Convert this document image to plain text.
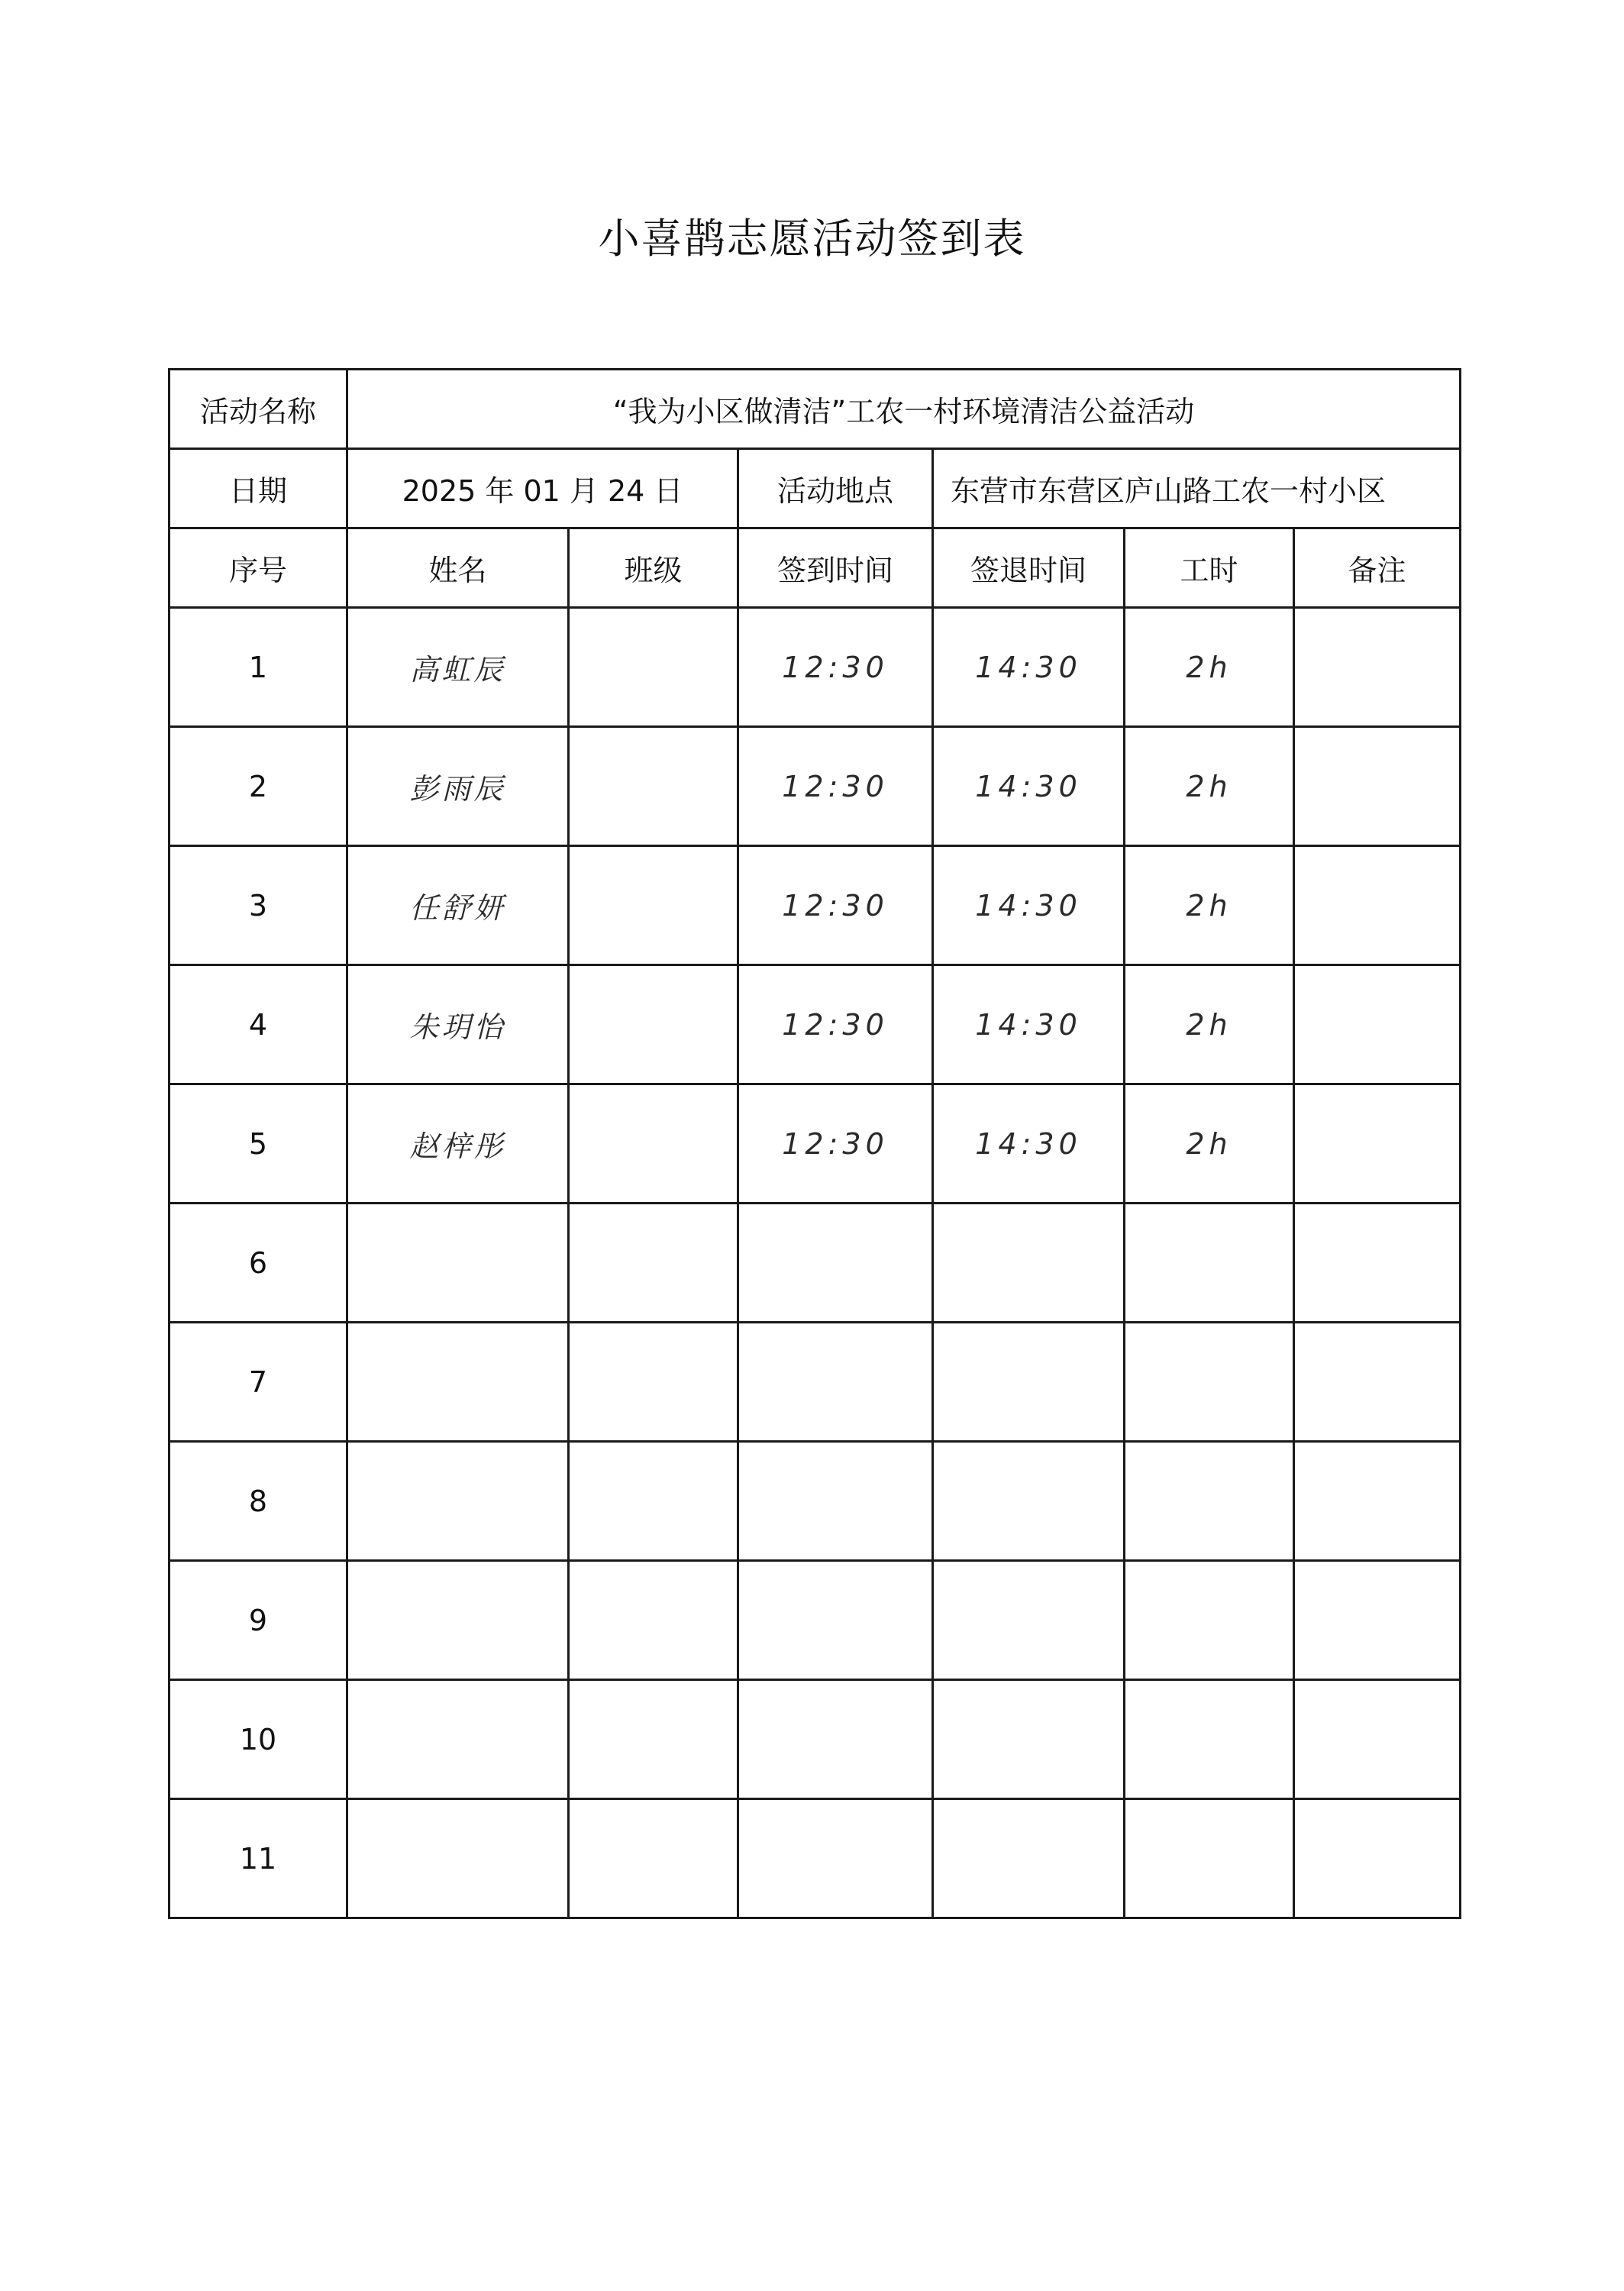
小喜鹊志愿活动签到表
活动名称	“我为小区做清洁”工农一村环境清洁公益活动					
日期	2025 年 01 月 24 日		活动地点	东营市东营区庐山路工农一村小区		
序号	姓名	班级	签到时间	签退时间	工时	备注
1	高虹辰		12:30	14:30	2h	
2	彭雨辰		12:30	14:30	2h	
3	任舒妍		12:30	14:30	2h	
4	朱玥怡		12:30	14:30	2h	
5	赵梓彤		12:30	14:30	2h	
6						
7						
8						
9						
10						
11						
